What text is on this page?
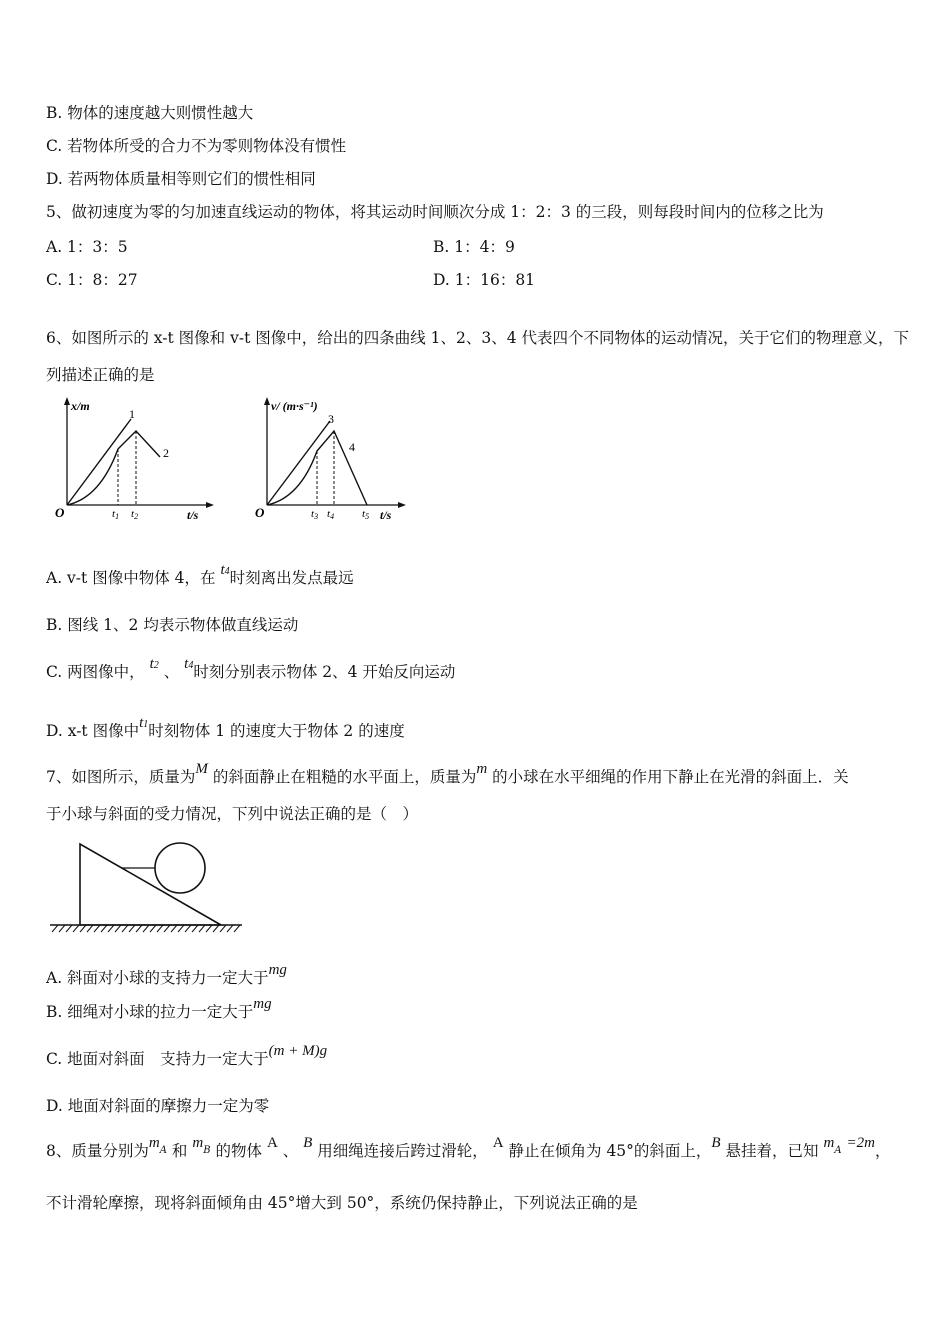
B. 物体的速度越大则惯性越大
C. 若物体所受的合力不为零则物体没有惯性
D. 若两物体质量相等则它们的惯性相同
5、做初速度为零的匀加速直线运动的物体，将其运动时间顺次分成 1：2：3 的三段，则每段时间内的位移之比为
A. 1：3：5	B. 1：4：9
C. 1：8：27	D. 1：16：81
6、如图所示的 x-t 图像和 v-t 图像中，给出的四条曲线 1、2、3、4 代表四个不同物体的运动情况，关于它们的物理意义，下
列描述正确的是
x/m
t/s
O
1
2
t1 t2
v/ (m·s⁻¹)
t/s
O
3
4
t3 t4	t5
A. v-t 图像中物体 4，在 $t^4$时刻离出发点最远
B. 图线 1、2 均表示物体做直线运动
C. 两图像中， $t^2$ 、 $t^4$时刻分别表示物体 2、4 开始反向运动
D. x-t 图像中$t^1$时刻物体 1 的速度大于物体 2 的速度
7、如图所示，质量为M 的斜面静止在粗糙的水平面上，质量为m 的小球在水平细绳的作用下静止在光滑的斜面上．关
于小球与斜面的受力情况，下列中说法正确的是（　）
A. 斜面对小球的支持力一定大于mg
B. 细绳对小球的拉力一定大于mg
C. 地面对斜面　支持力一定大于(m + M)g
D. 地面对斜面的摩擦力一定为零
8、质量分别为$m_A$ 和 $m_B$ 的物体 A 、 B 用细绳连接后跨过滑轮， A 静止在倾角为 45°的斜面上，B 悬挂着，已知 $m_A =2m$，
不计滑轮摩擦，现将斜面倾角由 45°增大到 50°，系统仍保持静止，下列说法正确的是
